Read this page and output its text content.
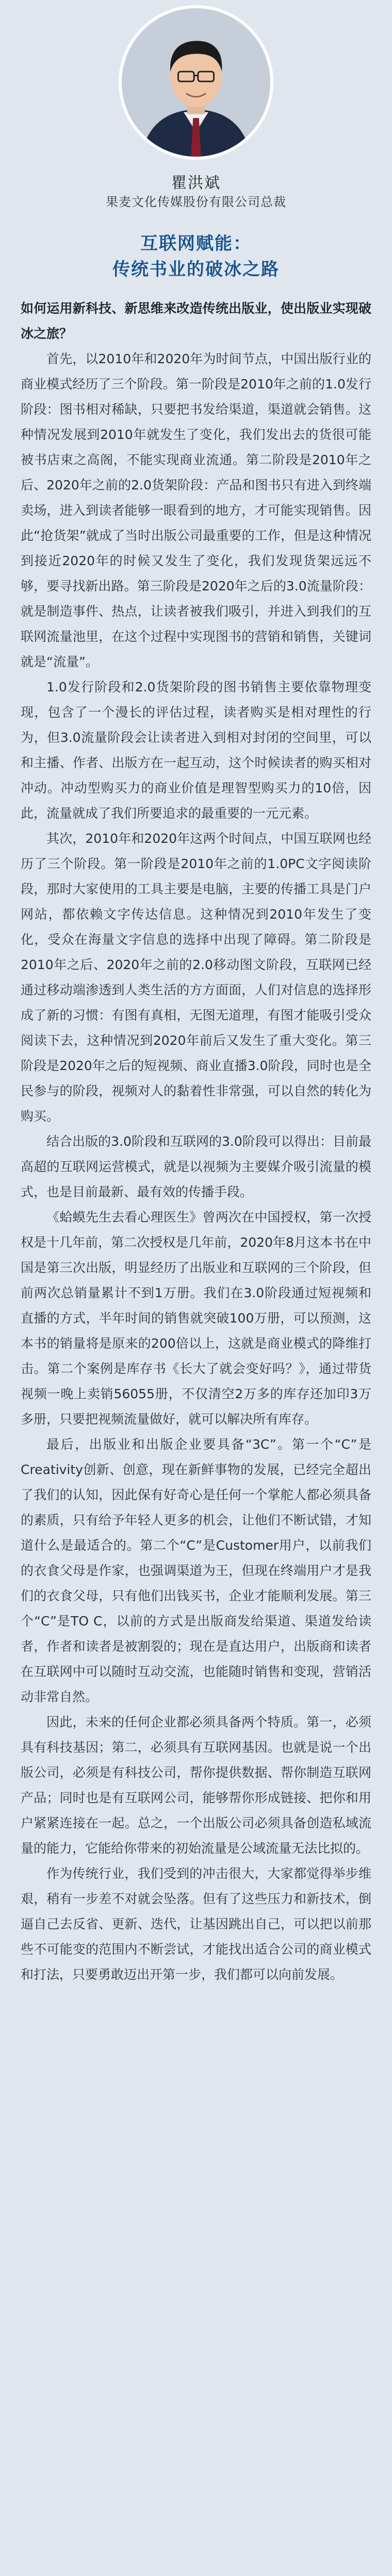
瞿洪斌
果麦文化传媒股份有限公司总裁
互联网赋能：
传统书业的破冰之路

如何运用新科技、新思维来改造传统出版业，使出版业实现破冰之旅？

首先，以2010年和2020年为时间节点，中国出版行业的商业模式经历了三个阶段。第一阶段是2010年之前的1.0发行阶段：图书相对稀缺，只要把书发给渠道，渠道就会销售。这种情况发展到2010年就发生了变化，我们发出去的货很可能被书店束之高阁，不能实现商业流通。第二阶段是2010年之后、2020年之前的2.0货架阶段：产品和图书只有进入到终端卖场，进入到读者能够一眼看到的地方，才可能实现销售。因此“抢货架”就成了当时出版公司最重要的工作，但是这种情况到接近2020年的时候又发生了变化，我们发现货架远远不够，要寻找新出路。第三阶段是2020年之后的3.0流量阶段：就是制造事件、热点，让读者被我们吸引，并进入到我们的互联网流量池里，在这个过程中实现图书的营销和销售，关键词就是“流量”。

1.0发行阶段和2.0货架阶段的图书销售主要依靠物理变现，包含了一个漫长的评估过程，读者购买是相对理性的行为，但3.0流量阶段会让读者进入到相对封闭的空间里，可以和主播、作者、出版方在一起互动，这个时候读者的购买相对冲动。冲动型购买力的商业价值是理智型购买力的10倍，因此，流量就成了我们所要追求的最重要的一元元素。

其次，2010年和2020年这两个时间点，中国互联网也经历了三个阶段。第一阶段是2010年之前的1.0PC文字阅读阶段，那时大家使用的工具主要是电脑，主要的传播工具是门户网站，都依赖文字传达信息。这种情况到2010年发生了变化，受众在海量文字信息的选择中出现了障碍。第二阶段是2010年之后、2020年之前的2.0移动图文阶段，互联网已经通过移动端渗透到人类生活的方方面面，人们对信息的选择形成了新的习惯：有图有真相，无图无道理，有图才能吸引受众阅读下去，这种情况到2020年前后又发生了重大变化。第三阶段是2020年之后的短视频、商业直播3.0阶段，同时也是全民参与的阶段，视频对人的黏着性非常强，可以自然的转化为购买。

结合出版的3.0阶段和互联网的3.0阶段可以得出：目前最高超的互联网运营模式，就是以视频为主要媒介吸引流量的模式，也是目前最新、最有效的传播手段。

《蛤蟆先生去看心理医生》曾两次在中国授权，第一次授权是十几年前，第二次授权是几年前，2020年8月这本书在中国是第三次出版，明显经历了出版业和互联网的三个阶段，但前两次总销量累计不到1万册。我们在3.0阶段通过短视频和直播的方式，半年时间的销售就突破100万册，可以预测，这本书的销量将是原来的200倍以上，这就是商业模式的降维打击。第二个案例是库存书《长大了就会变好吗？》，通过带货视频一晚上卖销56055册，不仅清空2万多的库存还加印3万多册，只要把视频流量做好，就可以解决所有库存。

最后，出版业和出版企业要具备“3C”。第一个“C”是Creativity创新、创意，现在新鲜事物的发展，已经完全超出了我们的认知，因此保有好奇心是任何一个掌舵人都必须具备的素质，只有给予年轻人更多的机会，让他们不断试错，才知道什么是最适合的。第二个“C”是Customer用户，以前我们的衣食父母是作家，也强调渠道为王，但现在终端用户才是我们的衣食父母，只有他们出钱买书，企业才能顺利发展。第三个“C”是TO C，以前的方式是出版商发给渠道、渠道发给读者，作者和读者是被割裂的；现在是直达用户，出版商和读者在互联网中可以随时互动交流，也能随时销售和变现，营销活动非常自然。

因此，未来的任何企业都必须具备两个特质。第一，必须具有科技基因；第二，必须具有互联网基因。也就是说一个出版公司，必须是有科技公司，帮你提供数据、帮你制造互联网产品；同时也是有互联网公司，能够帮你形成链接、把你和用户紧紧连接在一起。总之，一个出版公司必须具备创造私域流量的能力，它能给你带来的初始流量是公域流量无法比拟的。

作为传统行业，我们受到的冲击很大，大家都觉得举步维艰，稍有一步差不对就会坠落。但有了这些压力和新技术，倒逼自己去反省、更新、迭代，让基因跳出自己，可以把以前那些不可能变的范围内不断尝试，才能找出适合公司的商业模式和打法，只要勇敢迈出开第一步，我们都可以向前发展。
